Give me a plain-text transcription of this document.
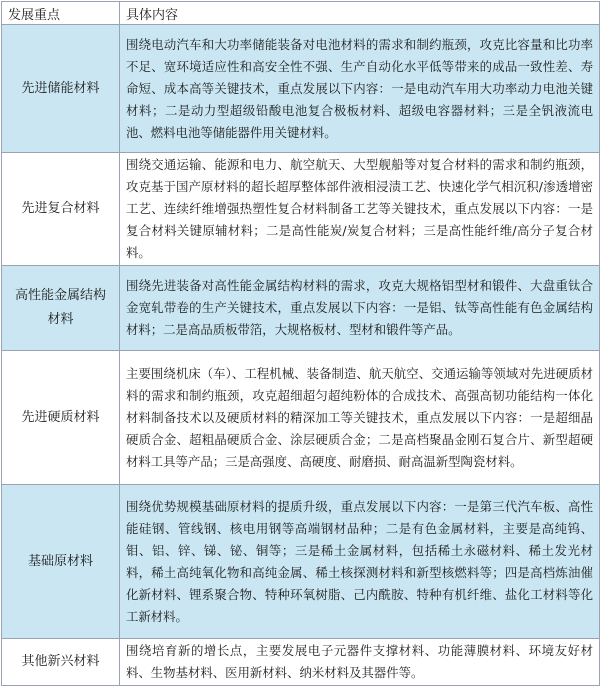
发展重点	具体内容
先进储能材料	围绕电动汽车和大功率储能装备对电池材料的需求和制约瓶颈，攻克比容量和比功率不足、宽环境适应性和高安全性不强、生产自动化水平低等带来的成品一致性差、寿命短、成本高等关键技术，重点发展以下内容：一是电动汽车用大功率动力电池关键材料；二是动力型超级铅酸电池复合极板材料、超级电容器材料；三是全钒液流电池、燃料电池等储能器件用关键材料。
先进复合材料	围绕交通运输、能源和电力、航空航天、大型舰船等对复合材料的需求和制约瓶颈，攻克基于国产原材料的超长超厚整体部件液相浸渍工艺、快速化学气相沉积/渗透增密工艺、连续纤维增强热塑性复合材料制备工艺等关键技术，重点发展以下内容：一是复合材料关键原辅材料；二是高性能炭/炭复合材料；三是高性能纤维/高分子复合材料。
高性能金属结构材料	围绕先进装备对高性能金属结构材料的需求，攻克大规格铝型材和锻件、大盘重钛合金宽轧带卷的生产关键技术，重点发展以下内容：一是铝、钛等高性能有色金属结构材料；二是高品质板带箔，大规格板材、型材和锻件等产品。
先进硬质材料	主要围绕机床（车）、工程机械、装备制造、航天航空、交通运输等领域对先进硬质材料的需求和制约瓶颈，攻克超细超匀超纯粉体的合成技术、高强高韧功能结构一体化材料制备技术以及硬质材料的精深加工等关键技术，重点发展以下内容：一是超细晶硬质合金、超粗晶硬质合金、涂层硬质合金；二是高档聚晶金刚石复合片、新型超硬材料工具等产品；三是高强度、高硬度、耐磨损、耐高温新型陶瓷材料。
基础原材料	围绕优势规模基础原材料的提质升级，重点发展以下内容：一是第三代汽车板、高性能硅钢、管线钢、核电用钢等高端钢材品种；二是有色金属材料，主要是高纯钨、钼、铝、锌、锑、铋、铜等；三是稀土金属材料，包括稀土永磁材料、稀土发光材料，稀土高纯氧化物和高纯金属、稀土核探测材料和新型核燃料等；四是高档炼油催化新材料、锂系聚合物、特种环氧树脂、己内酰胺、特种有机纤维、盐化工材料等化工新材料。
其他新兴材料	围绕培育新的增长点，主要发展电子元器件支撑材料、功能薄膜材料、环境友好材料、生物基材料、医用新材料、纳米材料及其器件等。
